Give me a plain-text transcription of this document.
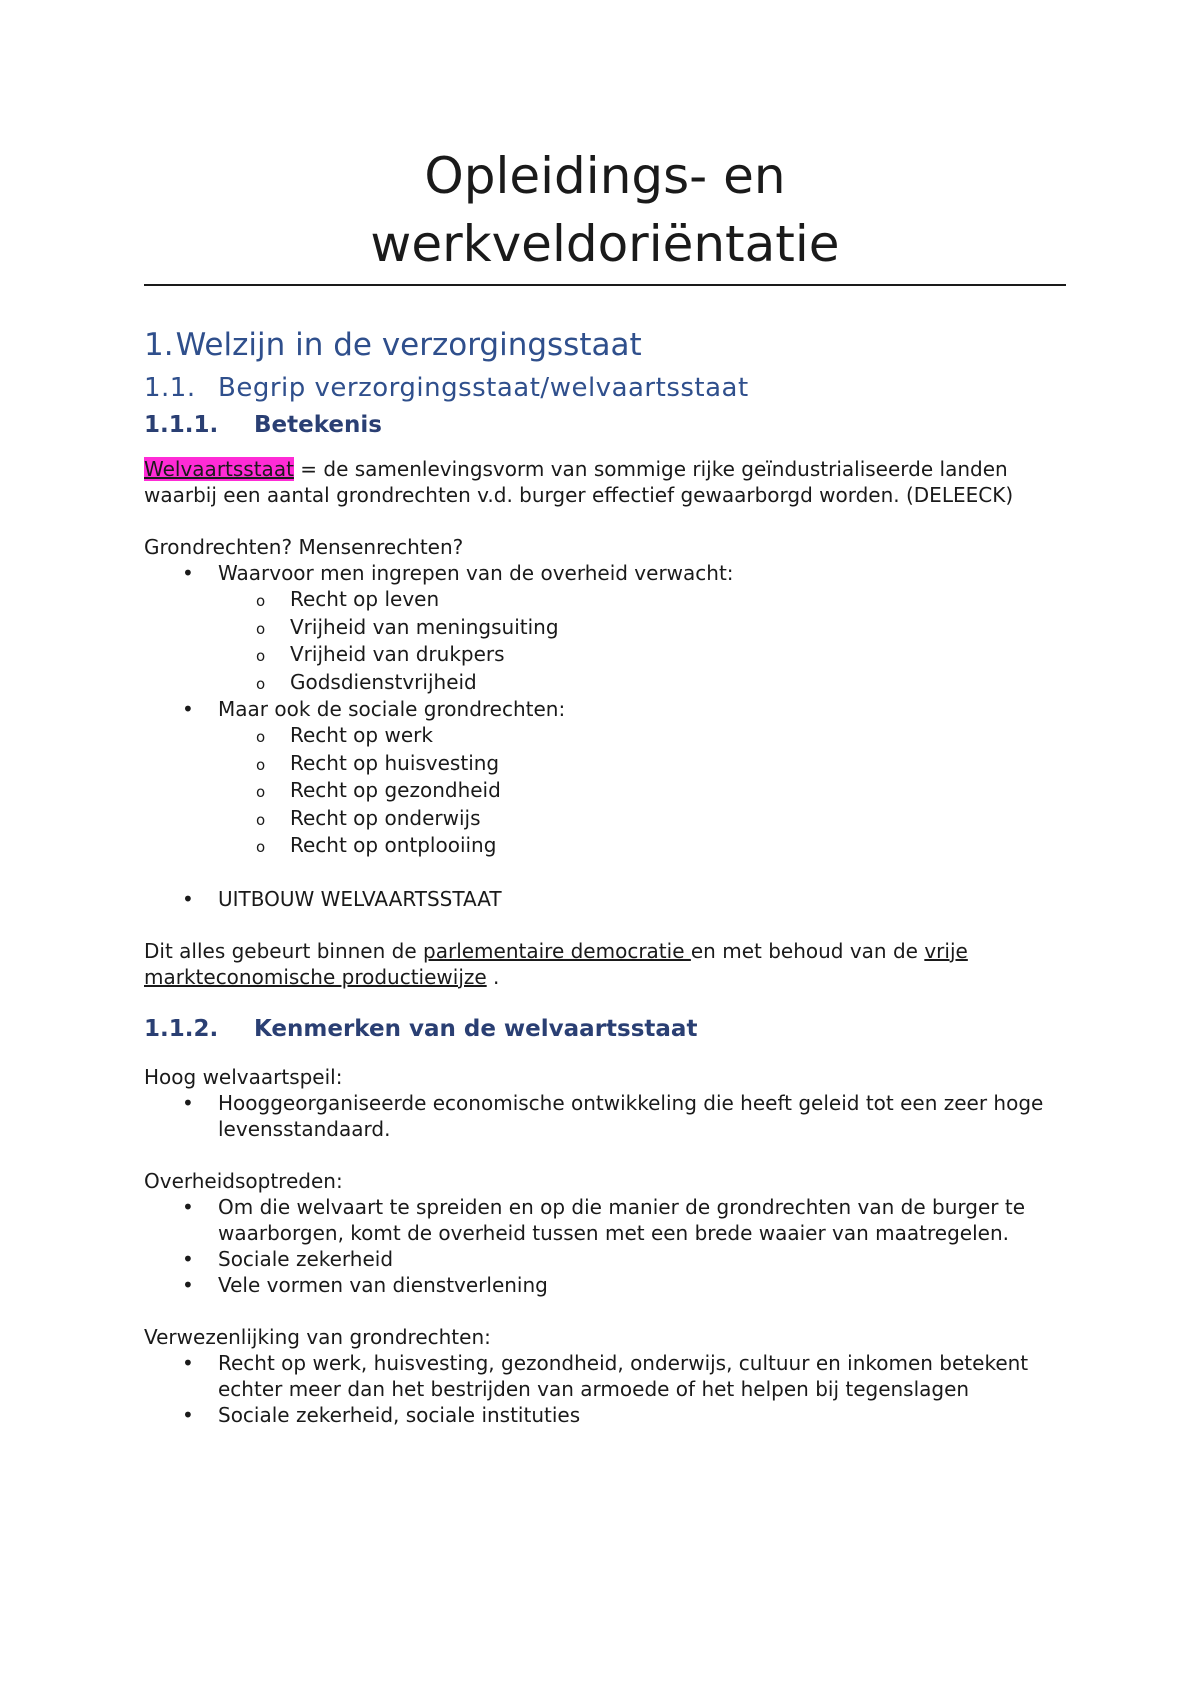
Opleidings- en
werkveldoriëntatie
1.Welzijn in de verzorgingsstaat
1.1. Begrip verzorgingsstaat/welvaartsstaat
1.1.1. Betekenis

Welvaartsstaat = de samenlevingsvorm van sommige rijke geïndustrialiseerde landen waarbij een aantal grondrechten v.d. burger effectief gewaarborgd worden. (DELEECK)

Grondrechten? Mensenrechten?

• Waarvoor men ingrepen van de overheid verwacht:
o Recht op leven
o Vrijheid van meningsuiting
o Vrijheid van drukpers
o Godsdienstvrijheid
• Maar ook de sociale grondrechten:
o Recht op werk
o Recht op huisvesting
o Recht op gezondheid
o Recht op onderwijs
o Recht op ontplooiing
• UITBOUW WELVAARTSSTAAT

Dit alles gebeurt binnen de parlementaire democratie en met behoud van de vrije markteconomische productiewijze .

1.1.2. Kenmerken van de welvaartsstaat

Hoog welvaartspeil:

• Hooggeorganiseerde economische ontwikkeling die heeft geleid tot een zeer hoge levensstandaard.

Overheidsoptreden:

• Om die welvaart te spreiden en op die manier de grondrechten van de burger te waarborgen, komt de overheid tussen met een brede waaier van maatregelen.
• Sociale zekerheid
• Vele vormen van dienstverlening

Verwezenlijking van grondrechten:

• Recht op werk, huisvesting, gezondheid, onderwijs, cultuur en inkomen betekent echter meer dan het bestrijden van armoede of het helpen bij tegenslagen
• Sociale zekerheid, sociale instituties
